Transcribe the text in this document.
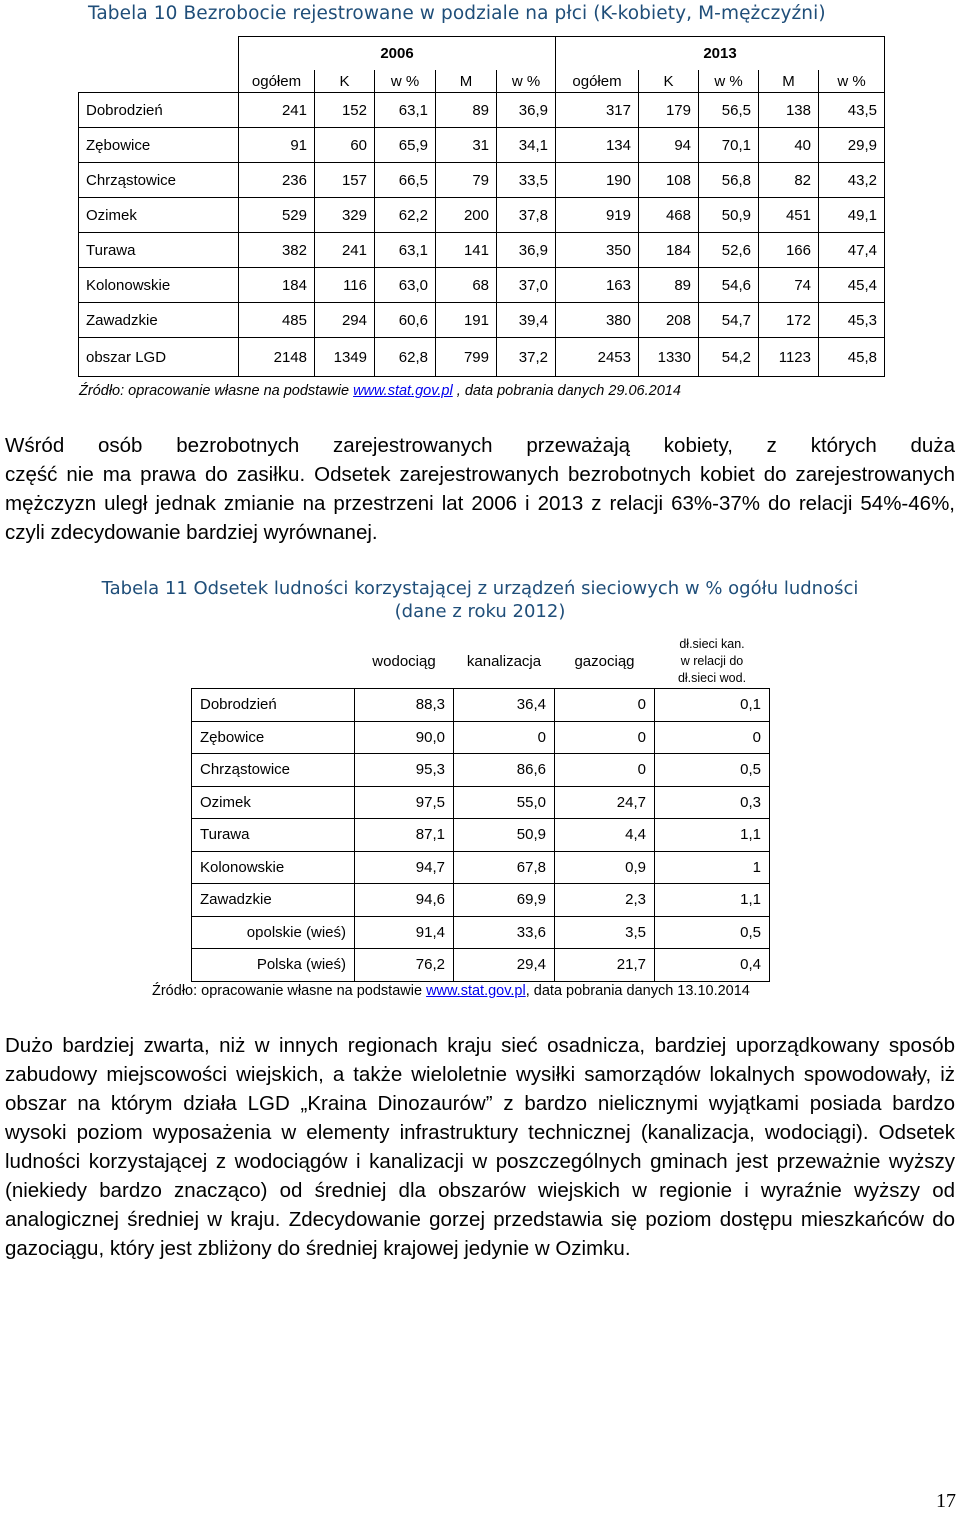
Tabela 10 Bezrobocie rejestrowane w podziale na płci (K-kobiety, M-mężczyźni)
	2006					2013				
	ogółem	K	w %	M	w %	ogółem	K	w %	M	w %
Dobrodzień	241	152	63,1	89	36,9	317	179	56,5	138	43,5
Zębowice	91	60	65,9	31	34,1	134	94	70,1	40	29,9
Chrząstowice	236	157	66,5	79	33,5	190	108	56,8	82	43,2
Ozimek	529	329	62,2	200	37,8	919	468	50,9	451	49,1
Turawa	382	241	63,1	141	36,9	350	184	52,6	166	47,4
Kolonowskie	184	116	63,0	68	37,0	163	89	54,6	74	45,4
Zawadzkie	485	294	60,6	191	39,4	380	208	54,7	172	45,3
obszar LGD	2148	1349	62,8	799	37,2	2453	1330	54,2	1123	45,8
Źródło: opracowanie własne na podstawie www.stat.gov.pl , data pobrania danych 29.06.2014
Wśród osób bezrobotnych zarejestrowanych przeważają kobiety, z których duża
część nie ma prawa do zasiłku. Odsetek zarejestrowanych bezrobotnych kobiet do zarejestrowanych mężczyzn uległ jednak zmianie na przestrzeni lat 2006 i 2013 z relacji 63%-37% do relacji 54%-46%, czyli zdecydowanie bardziej wyrównanej.
Tabela 11 Odsetek ludności korzystającej z urządzeń sieciowych w % ogółu ludności
(dane z roku 2012)
	wodociąg	kanalizacja	gazociąg	dł.sieci kan.
w relacji do
dł.sieci wod.
Dobrodzień	88,3	36,4	0	0,1
Zębowice	90,0	0	0	0
Chrząstowice	95,3	86,6	0	0,5
Ozimek	97,5	55,0	24,7	0,3
Turawa	87,1	50,9	4,4	1,1
Kolonowskie	94,7	67,8	0,9	1
Zawadzkie	94,6	69,9	2,3	1,1
opolskie (wieś)	91,4	33,6	3,5	0,5
Polska (wieś)	76,2	29,4	21,7	0,4
Źródło: opracowanie własne na podstawie www.stat.gov.pl, data pobrania danych 13.10.2014
Dużo bardziej zwarta, niż w innych regionach kraju sieć osadnicza, bardziej uporządkowany sposób zabudowy miejscowości wiejskich, a także wieloletnie wysiłki samorządów lokalnych spowodowały, iż obszar na którym działa LGD „Kraina Dinozaurów” z bardzo nielicznymi wyjątkami posiada bardzo wysoki poziom wyposażenia w elementy infrastruktury technicznej (kanalizacja, wodociągi). Odsetek ludności korzystającej z wodociągów i kanalizacji w poszczególnych gminach jest przeważnie wyższy (niekiedy bardzo znacząco) od średniej dla obszarów wiejskich w regionie i wyraźnie wyższy od analogicznej średniej w kraju. Zdecydowanie gorzej przedstawia się poziom dostępu mieszkańców do gazociągu, który jest zbliżony do średniej krajowej jedynie w Ozimku.
17
